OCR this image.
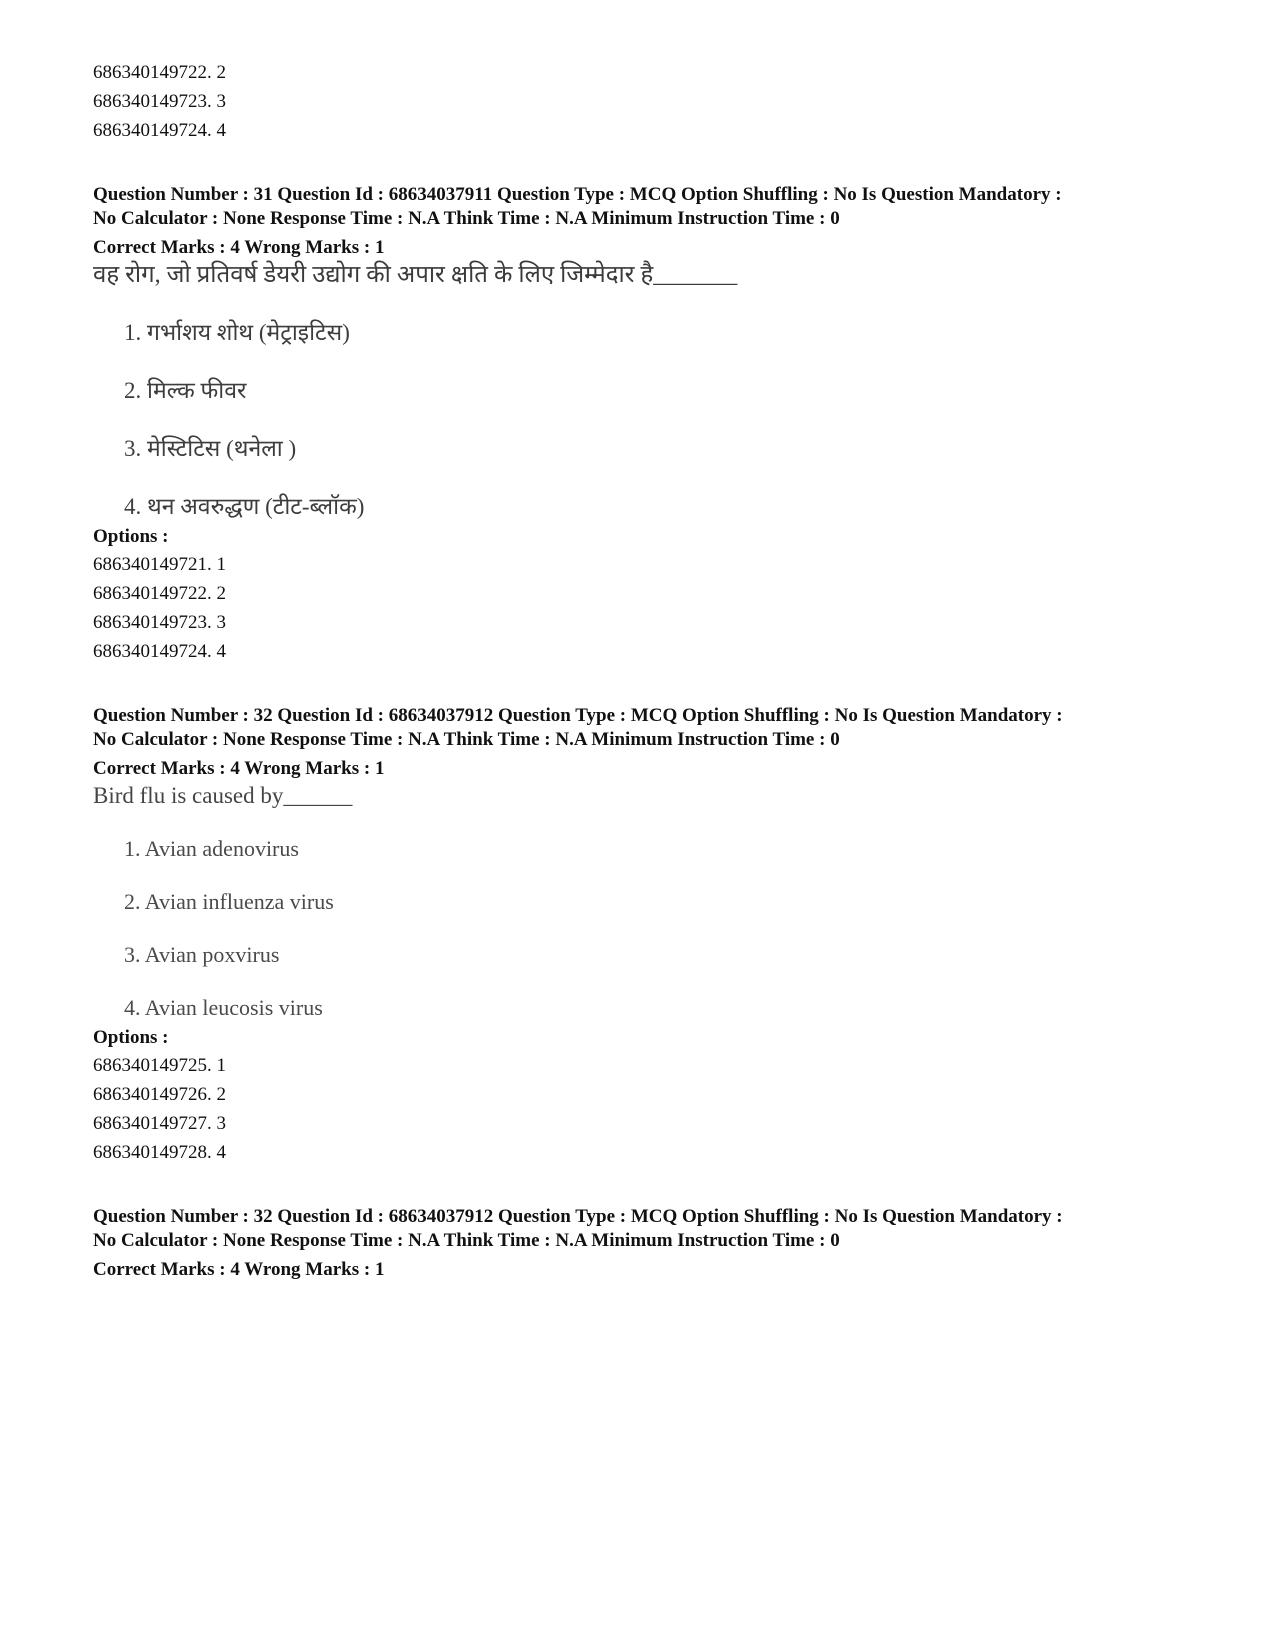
686340149722. 2
686340149723. 3
686340149724. 4
Question Number : 31 Question Id : 68634037911 Question Type : MCQ Option Shuffling : No Is Question Mandatory :
No Calculator : None Response Time : N.A Think Time : N.A Minimum Instruction Time : 0
Correct Marks : 4 Wrong Marks : 1
वह रोग, जो प्रतिवर्ष डेयरी उद्योग की अपार क्षति के लिए जिम्मेदार है_______
1. गर्भाशय शोथ (मेट्राइटिस)
2. मिल्क फीवर
3. मेस्टिटिस (थनेला )
4. थन अवरुद्धण (टीट-ब्लॉक)
Options :
686340149721. 1
686340149722. 2
686340149723. 3
686340149724. 4
Question Number : 32 Question Id : 68634037912 Question Type : MCQ Option Shuffling : No Is Question Mandatory :
No Calculator : None Response Time : N.A Think Time : N.A Minimum Instruction Time : 0
Correct Marks : 4 Wrong Marks : 1
Bird flu is caused by______
1. Avian adenovirus
2. Avian influenza virus
3. Avian poxvirus
4. Avian leucosis virus
Options :
686340149725. 1
686340149726. 2
686340149727. 3
686340149728. 4
Question Number : 32 Question Id : 68634037912 Question Type : MCQ Option Shuffling : No Is Question Mandatory :
No Calculator : None Response Time : N.A Think Time : N.A Minimum Instruction Time : 0
Correct Marks : 4 Wrong Marks : 1
